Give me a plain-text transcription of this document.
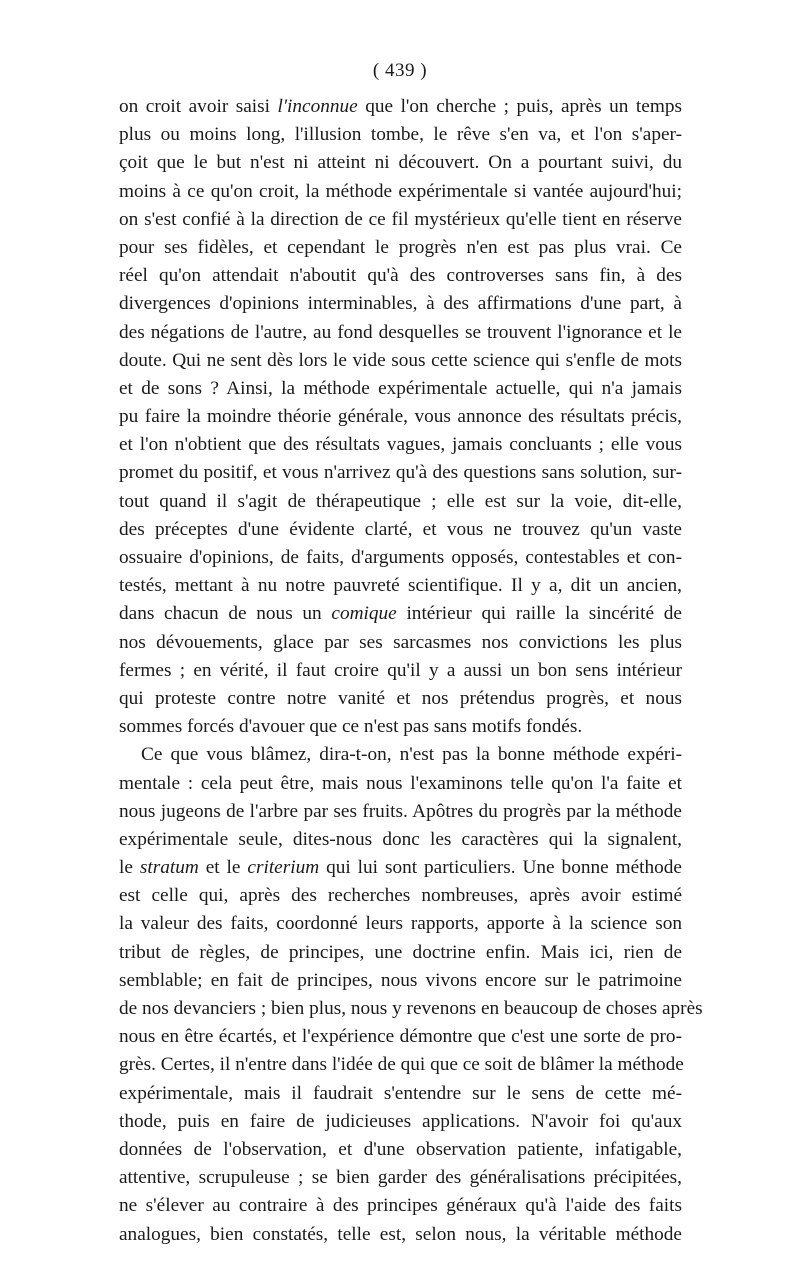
( 439 )

on croit avoir saisi l'inconnue que l'on cherche ; puis, après un temps
plus ou moins long, l'illusion tombe, le rêve s'en va, et l'on s'aper-
çoit que le but n'est ni atteint ni découvert. On a pourtant suivi, du
moins à ce qu'on croit, la méthode expérimentale si vantée aujourd'hui;
on s'est confié à la direction de ce fil mystérieux qu'elle tient en réserve
pour ses fidèles, et cependant le progrès n'en est pas plus vrai. Ce
réel qu'on attendait n'aboutit qu'à des controverses sans fin, à des
divergences d'opinions interminables, à des affirmations d'une part, à
des négations de l'autre, au fond desquelles se trouvent l'ignorance et le
doute. Qui ne sent dès lors le vide sous cette science qui s'enfle de mots
et de sons ? Ainsi, la méthode expérimentale actuelle, qui n'a jamais
pu faire la moindre théorie générale, vous annonce des résultats précis,
et l'on n'obtient que des résultats vagues, jamais concluants ; elle vous
promet du positif, et vous n'arrivez qu'à des questions sans solution, sur-
tout quand il s'agit de thérapeutique ; elle est sur la voie, dit-elle,
des préceptes d'une évidente clarté, et vous ne trouvez qu'un vaste
ossuaire d'opinions, de faits, d'arguments opposés, contestables et con-
testés, mettant à nu notre pauvreté scientifique. Il y a, dit un ancien,
dans chacun de nous un comique intérieur qui raille la sincérité de
nos dévouements, glace par ses sarcasmes nos convictions les plus
fermes ; en vérité, il faut croire qu'il y a aussi un bon sens intérieur
qui proteste contre notre vanité et nos prétendus progrès, et nous
sommes forcés d'avouer que ce n'est pas sans motifs fondés.

Ce que vous blâmez, dira-t-on, n'est pas la bonne méthode expéri-
mentale : cela peut être, mais nous l'examinons telle qu'on l'a faite et
nous jugeons de l'arbre par ses fruits. Apôtres du progrès par la méthode
expérimentale seule, dites-nous donc les caractères qui la signalent,
le stratum et le criterium qui lui sont particuliers. Une bonne méthode
est celle qui, après des recherches nombreuses, après avoir estimé
la valeur des faits, coordonné leurs rapports, apporte à la science son
tribut de règles, de principes, une doctrine enfin. Mais ici, rien de
semblable; en fait de principes, nous vivons encore sur le patrimoine
de nos devanciers ; bien plus, nous y revenons en beaucoup de choses après
nous en être écartés, et l'expérience démontre que c'est une sorte de pro-
grès. Certes, il n'entre dans l'idée de qui que ce soit de blâmer la méthode
expérimentale, mais il faudrait s'entendre sur le sens de cette mé-
thode, puis en faire de judicieuses applications. N'avoir foi qu'aux
données de l'observation, et d'une observation patiente, infatigable,
attentive, scrupuleuse ; se bien garder des généralisations précipitées,
ne s'élever au contraire à des principes généraux qu'à l'aide des faits
analogues, bien constatés, telle est, selon nous, la véritable méthode
